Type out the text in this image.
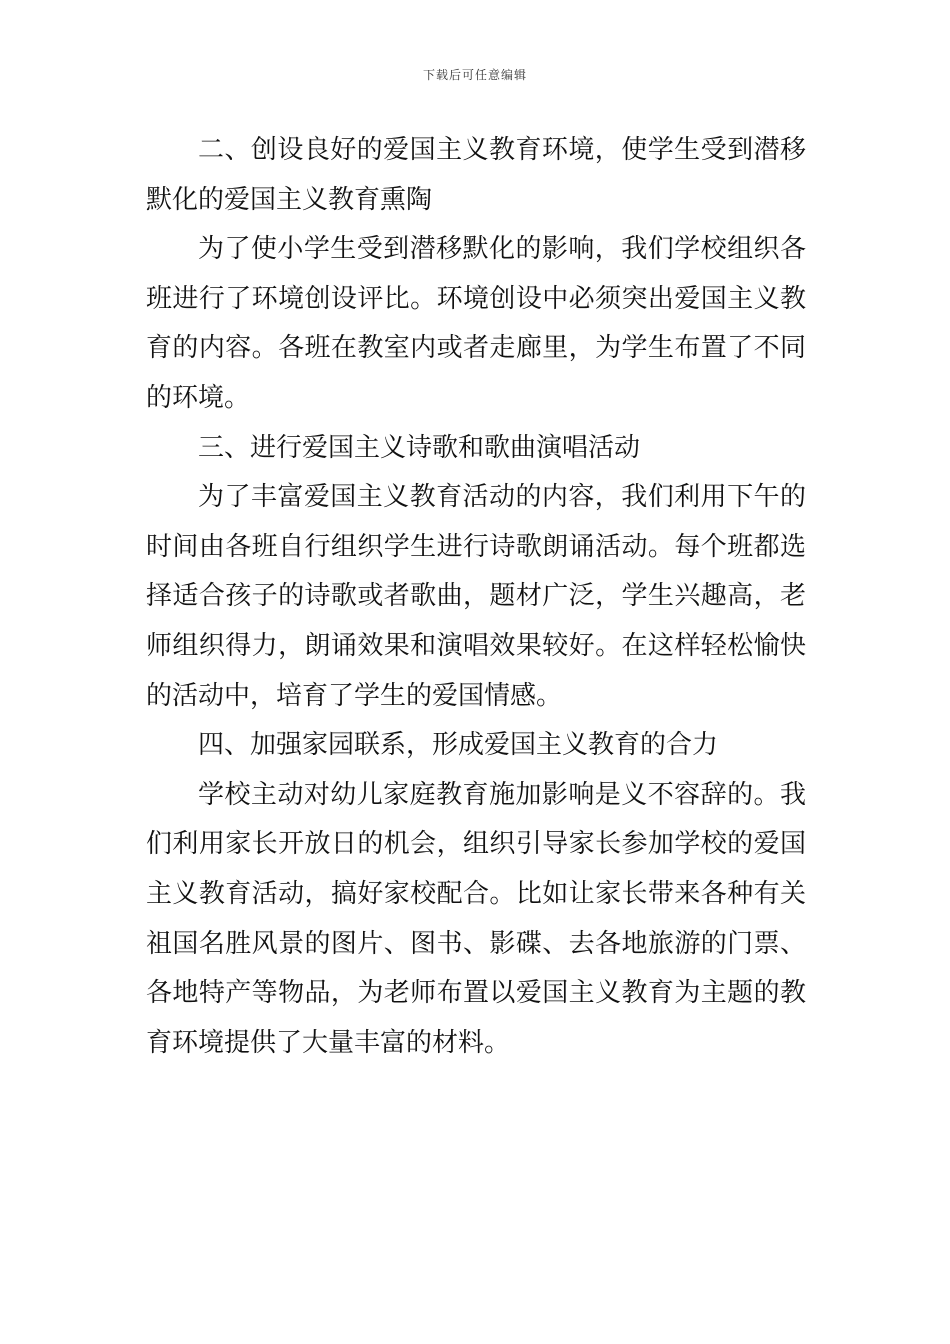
下载后可任意编辑

二、创设良好的爱国主义教育环境，使学生受到潜移默化的爱国主义教育熏陶

为了使小学生受到潜移默化的影响，我们学校组织各班进行了环境创设评比。环境创设中必须突出爱国主义教育的内容。各班在教室内或者走廊里，为学生布置了不同的环境。

三、进行爱国主义诗歌和歌曲演唱活动

为了丰富爱国主义教育活动的内容，我们利用下午的时间由各班自行组织学生进行诗歌朗诵活动。每个班都选择适合孩子的诗歌或者歌曲，题材广泛，学生兴趣高，老师组织得力，朗诵效果和演唱效果较好。在这样轻松愉快的活动中，培育了学生的爱国情感。

四、加强家园联系，形成爱国主义教育的合力

学校主动对幼儿家庭教育施加影响是义不容辞的。我们利用家长开放日的机会，组织引导家长参加学校的爱国主义教育活动，搞好家校配合。比如让家长带来各种有关祖国名胜风景的图片、图书、影碟、去各地旅游的门票、各地特产等物品，为老师布置以爱国主义教育为主题的教育环境提供了大量丰富的材料。
